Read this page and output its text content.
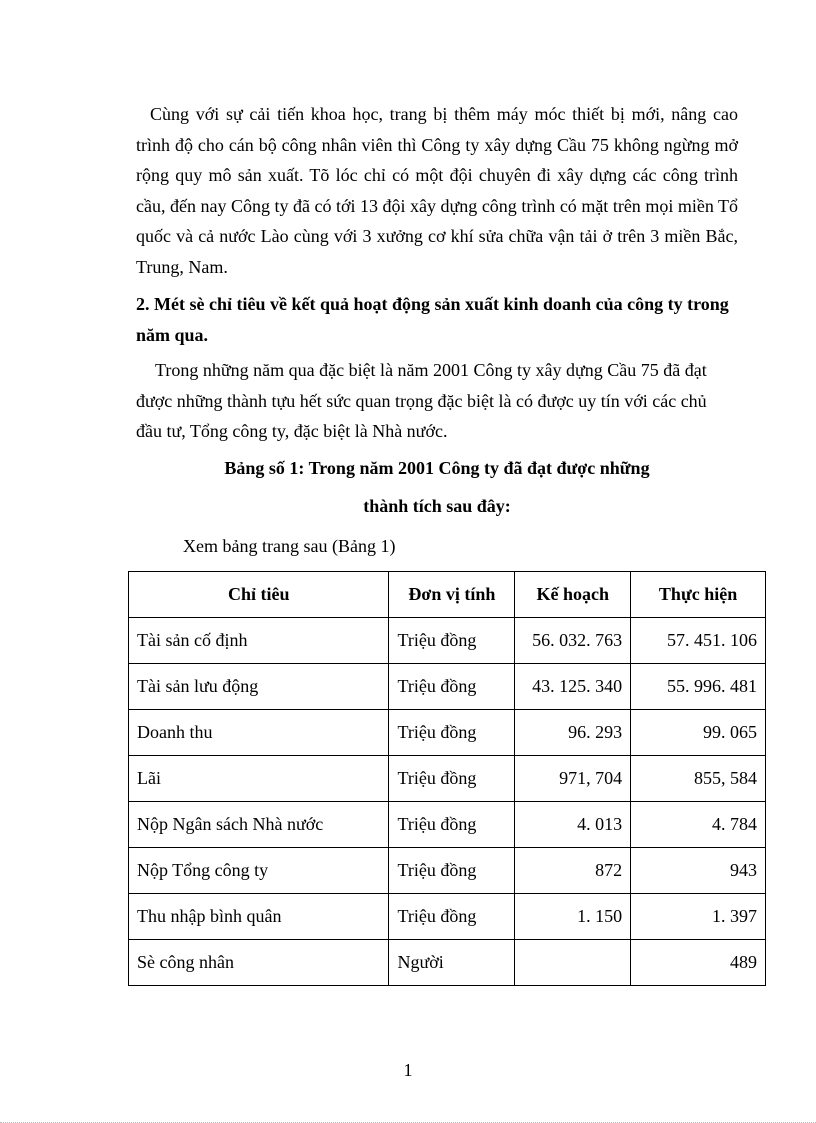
Cùng với sự cải tiến khoa học, trang bị thêm máy móc thiết bị mới, nâng cao trình độ cho cán bộ công nhân viên thì Công ty xây dựng Cầu 75 không ngừng mở rộng quy mô sản xuất. Tõ lóc chỉ có một đội chuyên đi xây dựng các công trình cầu, đến nay Công ty đã có tới 13 đội xây dựng công trình có mặt trên mọi miền Tổ quốc và cả nước Lào cùng với 3 xưởng cơ khí sửa chữa vận tải ở trên 3 miền Bắc, Trung, Nam.

2. Mét sè chỉ tiêu về kết quả hoạt động sản xuất kinh doanh của công ty trong năm qua.

Trong những năm qua đặc biệt là năm 2001 Công ty xây dựng Cầu 75 đã đạt được những thành tựu hết sức quan trọng đặc biệt là có được uy tín với các chủ đầu tư, Tổng công ty, đặc biệt là Nhà nước.

Bảng số 1: Trong năm 2001 Công ty đã đạt được những

thành tích sau đây:

Xem bảng trang sau (Bảng 1)

Chỉ tiêu	Đơn vị tính	Kế hoạch	Thực hiện
Tài sản cố định	Triệu đồng	56. 032. 763	57. 451. 106
Tài sản lưu động	Triệu đồng	43. 125. 340	55. 996. 481
Doanh thu	Triệu đồng	96. 293	99. 065
Lãi	Triệu đồng	971, 704	855, 584
Nộp Ngân sách Nhà nước	Triệu đồng	4. 013	4. 784
Nộp Tổng công ty	Triệu đồng	872	943
Thu nhập bình quân	Triệu đồng	1. 150	1. 397
Sè công nhân	Người		489

1
